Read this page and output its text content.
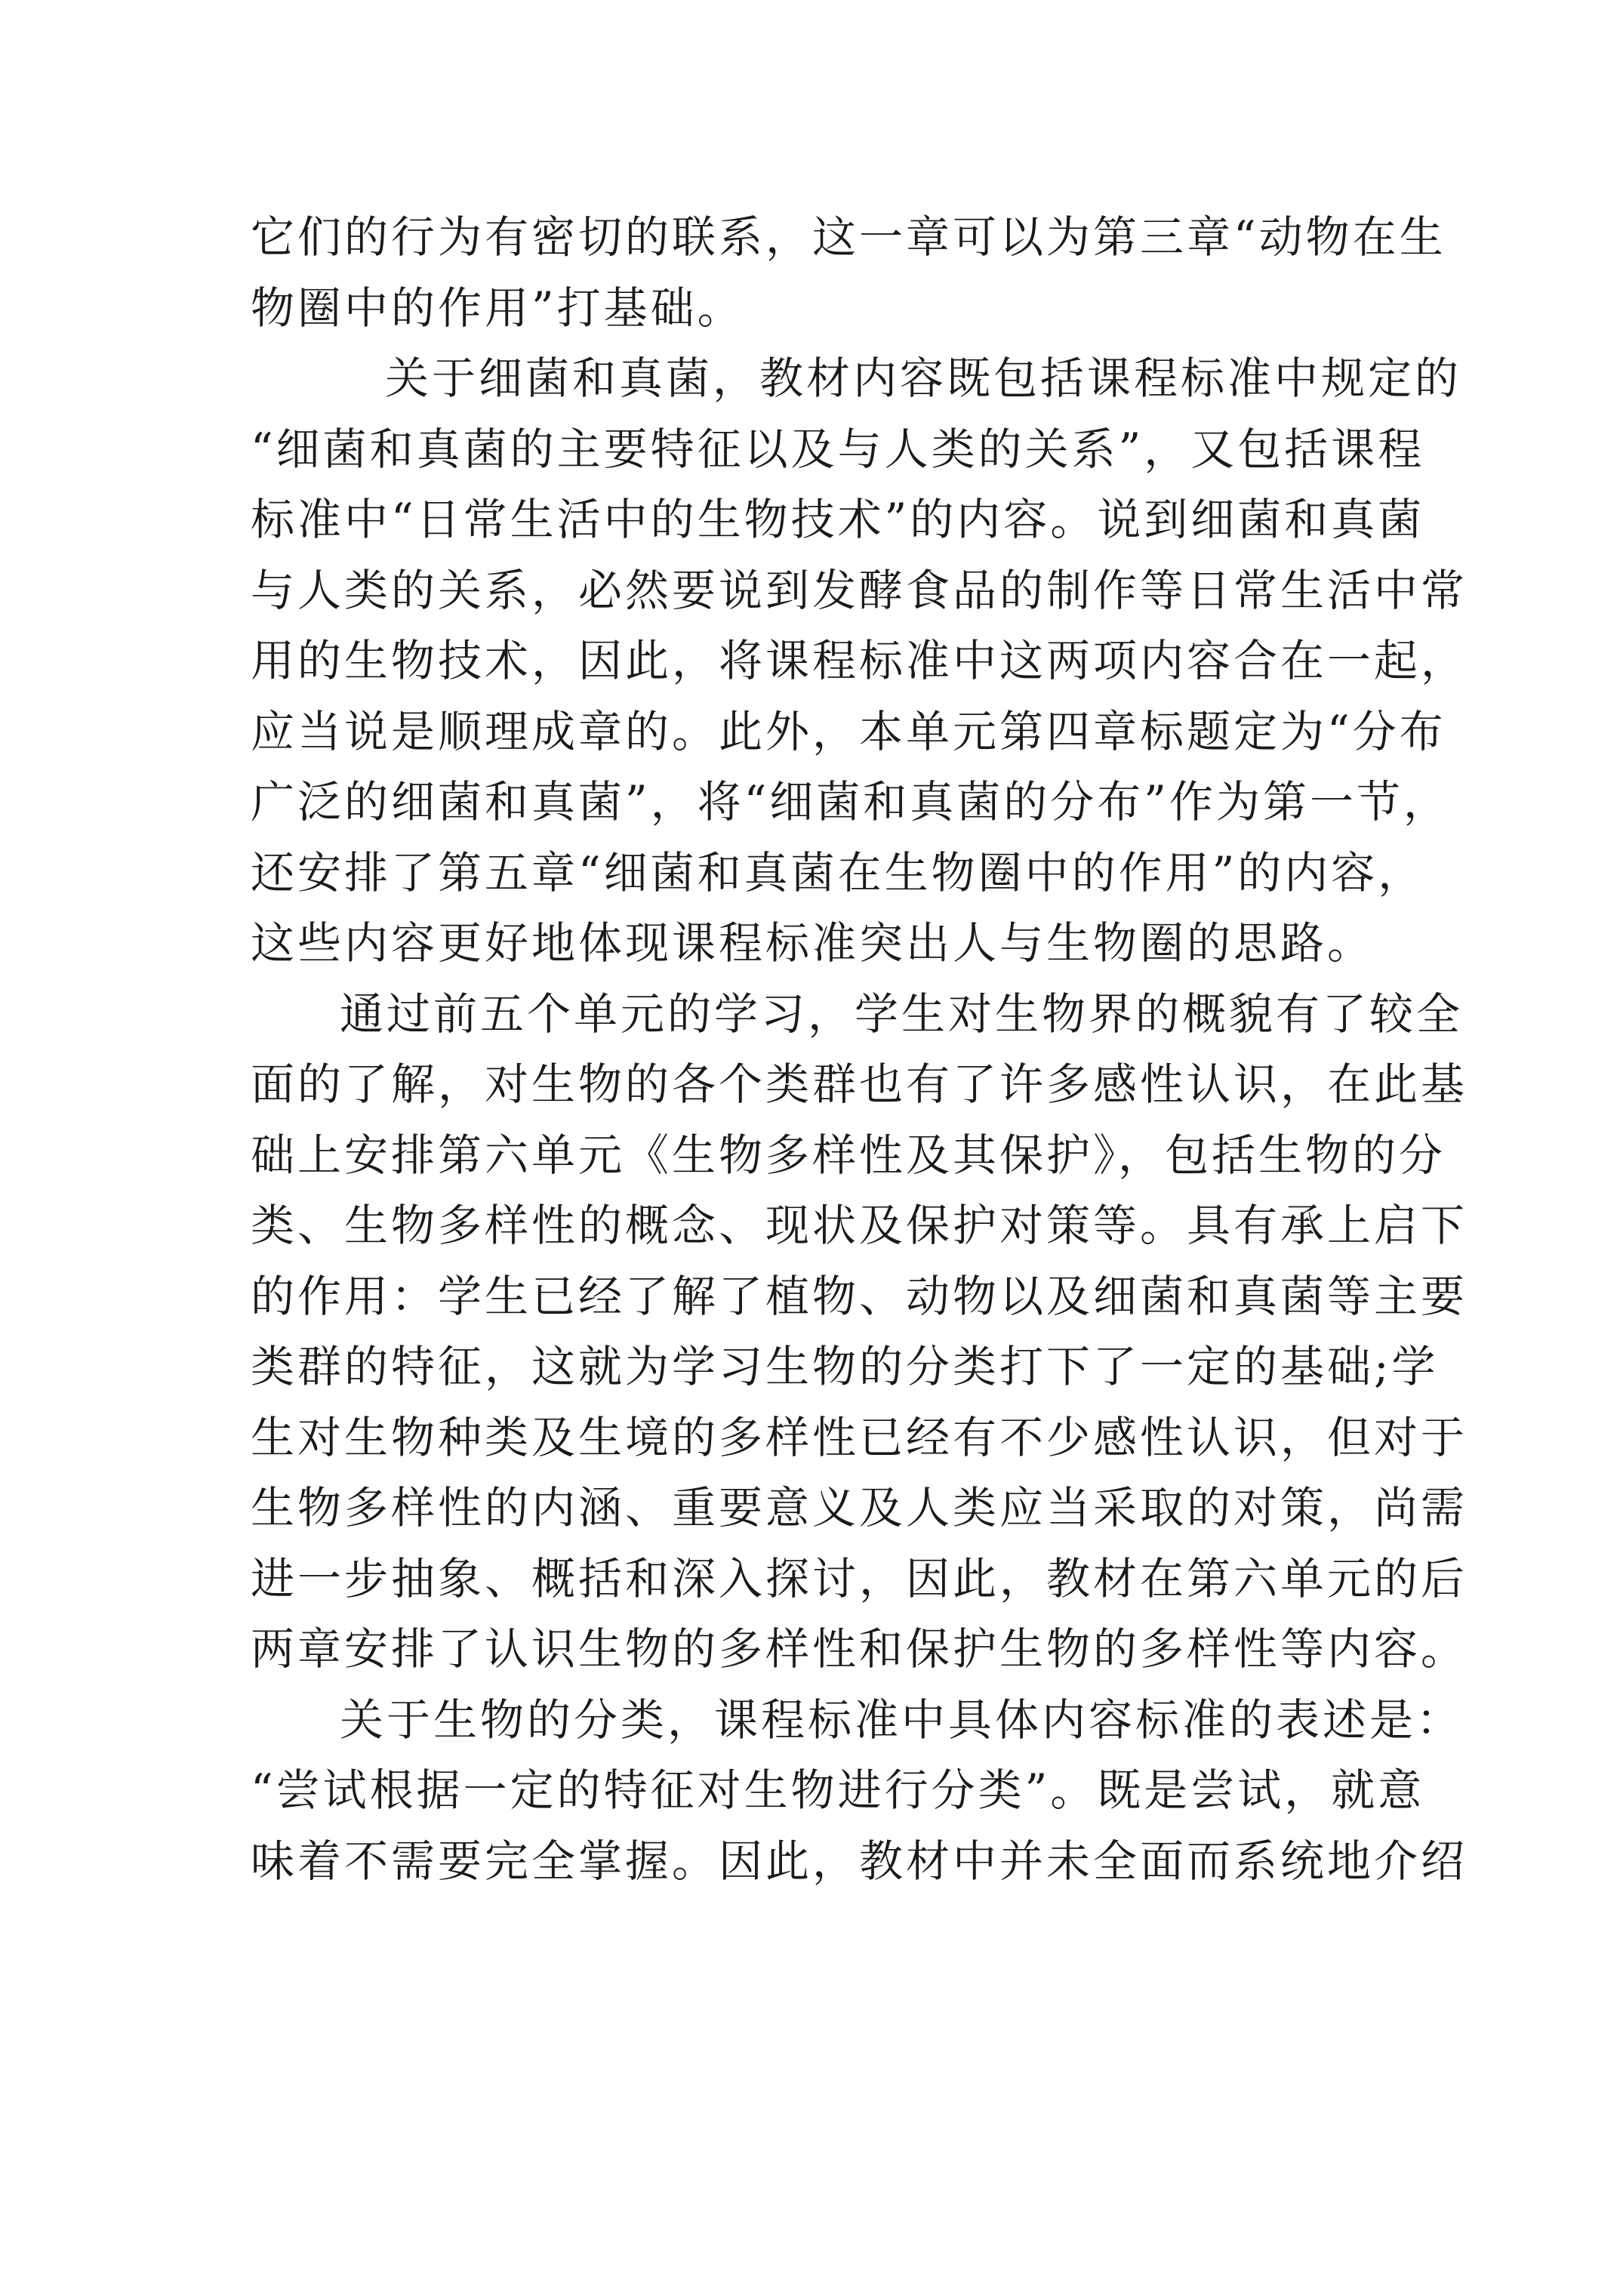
它们的行为有密切的联系，这一章可以为第三章“动物在生
物圈中的作用”打基础。
关于细菌和真菌，教材内容既包括课程标准中规定的
“细菌和真菌的主要特征以及与人类的关系”，又包括课程
标准中“日常生活中的生物技术”的内容。说到细菌和真菌
与人类的关系，必然要说到发酵食品的制作等日常生活中常
用的生物技术，因此，将课程标准中这两项内容合在一起，
应当说是顺理成章的。此外，本单元第四章标题定为“分布
广泛的细菌和真菌”，将“细菌和真菌的分布”作为第一节，
还安排了第五章“细菌和真菌在生物圈中的作用”的内容，
这些内容更好地体现课程标准突出人与生物圈的思路。
通过前五个单元的学习，学生对生物界的概貌有了较全
面的了解，对生物的各个类群也有了许多感性认识，在此基
础上安排第六单元《生物多样性及其保护》，包括生物的分
类、生物多样性的概念、现状及保护对策等。具有承上启下
的作用：学生已经了解了植物、动物以及细菌和真菌等主要
类群的特征，这就为学习生物的分类打下了一定的基础;学
生对生物种类及生境的多样性已经有不少感性认识，但对于
生物多样性的内涵、重要意义及人类应当采取的对策，尚需
进一步抽象、概括和深入探讨，因此，教材在第六单元的后
两章安排了认识生物的多样性和保护生物的多样性等内容。
关于生物的分类，课程标准中具体内容标准的表述是：
“尝试根据一定的特征对生物进行分类”。既是尝试，就意
味着不需要完全掌握。因此，教材中并未全面而系统地介绍
